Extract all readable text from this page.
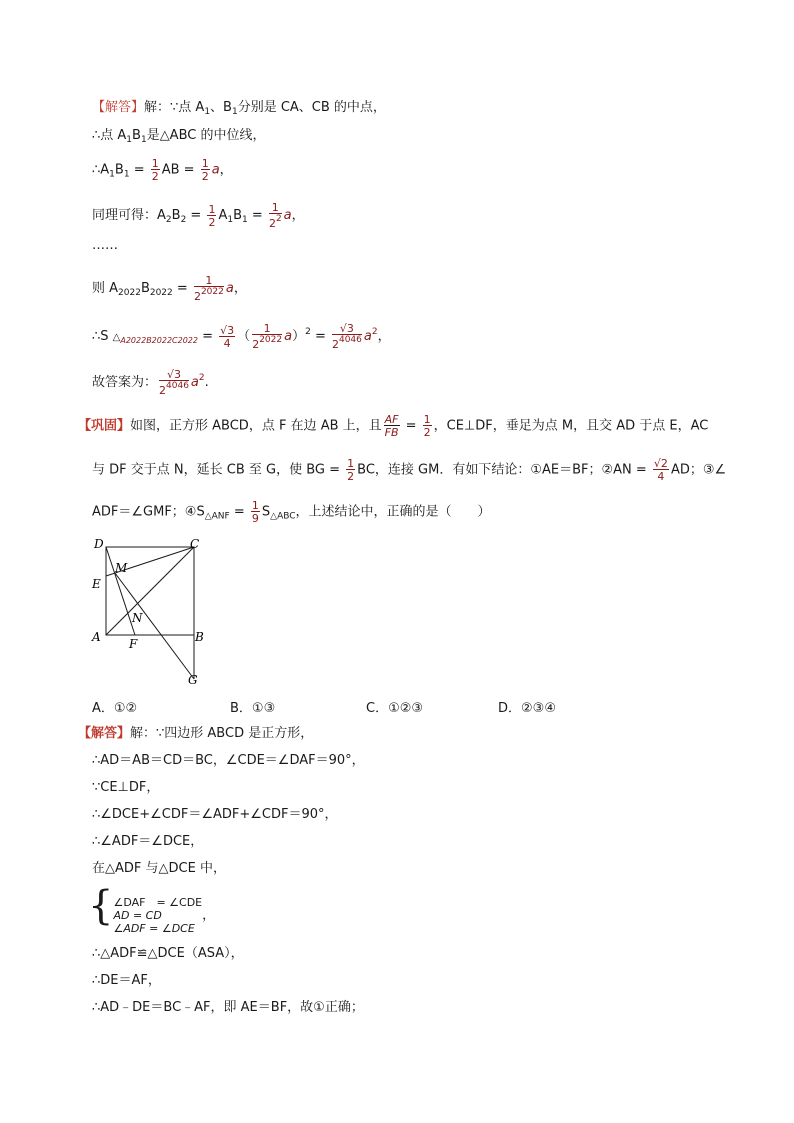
【解答】解：∵点 $A_1$、$B_1$分别是 CA、CB 的中点，
∴点 $A_1B_1$是△ABC 的中位线，
$\therefore A_1B_1 = \frac{1}{2}$ AB = $\frac{1}{2}$ a，
同理可得：$A_2B_2 = \frac{1}{2} A_1B_1 = \frac{1}{2^2}$ a，
……
则 $A_{2022}B_{2022} = \frac{1}{2^{2022}}$ a，
∴S $\triangle_{A2022B2022C2022} = \frac{√3}{4}$ （ $\frac{1}{2^{2022}} a)^2 = \frac{√3}{2^{4046}} a^2$，
故答案为： $\frac{√3}{2^{4046}} a^2$.
【巩固】如图，正方形 ABCD，点 F 在边 AB 上，且 $\frac{AF}{FB} = \frac{1}{2}$ ，CE⊥DF，垂足为点 M，且交 AD 于点 E，AC
与 DF 交于点 N，延长 CB 至 G，使 BG = $\frac{1}{2}$ BC，连接 GM．有如下结论：①AE＝BF；②AN = $\frac{√2}{4}$ AD；③∠
ADF＝∠GMF；$④S_{\triangle ANF} = \frac{1}{9} S_{\triangle ABC}$，上述结论中，正确的是（　　）
D	C
M
E
N
A	B
F
G
A．①②	B．①③	C．①②③	D．②③④
【解答】解：∵四边形 ABCD 是正方形，
∴AD＝AB＝CD＝BC，∠CDE＝∠DAF＝90°，
∵CE⊥DF，
∴∠DCE+∠CDF＝∠ADF+∠CDF＝90°，
∴∠ADF＝∠DCE，
在△ADF 与△DCE 中，
{ ∠DAF　= ∠CDE
AD = CD
∠ADF = ∠DCE
，
∴△ADF≌△DCE（ASA），
∴DE＝AF，
∴AD﹣DE＝BC﹣AF，即 AE＝BF，故①正确；
